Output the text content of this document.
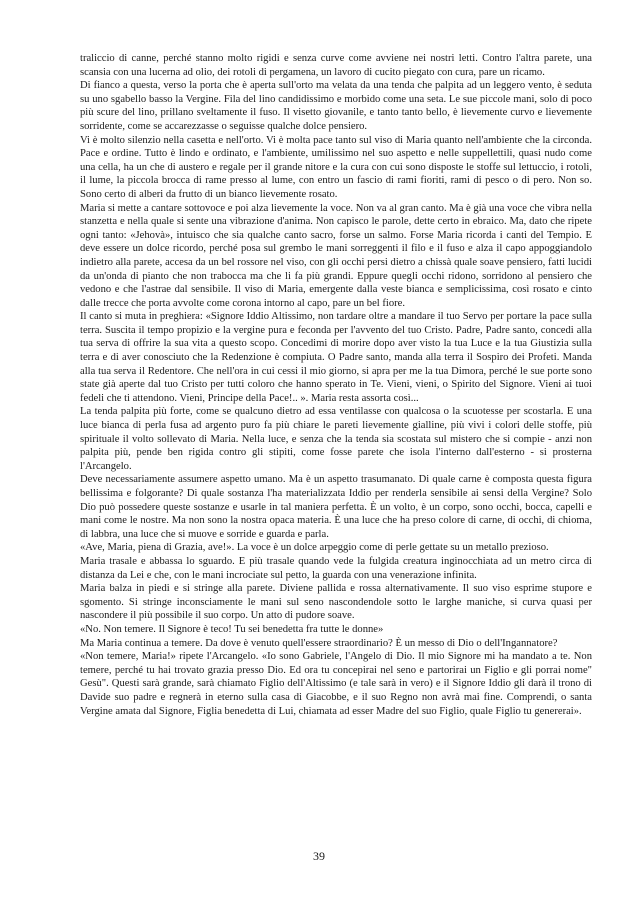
traliccio di canne, perché stanno molto rigidi e senza curve come avviene nei nostri letti. Contro l'altra parete, una scansia con una lucerna ad olio, dei rotoli di pergamena, un lavoro di cucito piegato con cura, pare un ricamo.

Di fianco a questa, verso la porta che è aperta sull'orto ma velata da una tenda che palpita ad un leggero vento, è seduta su uno sgabello basso la Vergine. Fila del lino candidissimo e morbido come una seta. Le sue piccole mani, solo di poco più scure del lino, prillano sveltamente il fuso. Il visetto giovanile, e tanto tanto bello, è lievemente curvo e lievemente sorridente, come se accarezzasse o seguisse qualche dolce pensiero.

Vi è molto silenzio nella casetta e nell'orto. Vi è molta pace tanto sul viso di Maria quanto nell'ambiente che la circonda. Pace e ordine. Tutto è lindo e ordinato, e l'ambiente, umilissimo nel suo aspetto e nelle suppellettili, quasi nudo come una cella, ha un che di austero e regale per il grande nitore e la cura con cui sono disposte le stoffe sul lettuccio, i rotoli, il lume, la piccola brocca di rame presso al lume, con entro un fascio di rami fioriti, rami di pesco o di pero. Non so. Sono certo di alberi da frutto di un bianco lievemente rosato.

Maria si mette a cantare sottovoce e poi alza lievemente la voce. Non va al gran canto. Ma è già una voce che vibra nella stanzetta e nella quale si sente una vibrazione d'anima. Non capisco le parole, dette certo in ebraico. Ma, dato che ripete ogni tanto: «Jehovà», intuisco che sia qualche canto sacro, forse un salmo. Forse Maria ricorda i canti del Tempio. E deve essere un dolce ricordo, perché posa sul grembo le mani sorreggenti il filo e il fuso e alza il capo appoggiandolo indietro alla parete, accesa da un bel rossore nel viso, con gli occhi persi dietro a chissà quale soave pensiero, fatti lucidi da un'onda di pianto che non trabocca ma che li fa più grandi. Eppure quegli occhi ridono, sorridono al pensiero che vedono e che l'astrae dal sensibile. Il viso di Maria, emergente dalla veste bianca e semplicissima, così rosato e cinto dalle trecce che porta avvolte come corona intorno al capo, pare un bel fiore.

Il canto si muta in preghiera: «Signore Iddio Altissimo, non tardare oltre a mandare il tuo Servo per portare la pace sulla terra. Suscita il tempo propizio e la vergine pura e feconda per l'avvento del tuo Cristo. Padre, Padre santo, concedi alla tua serva di offrire la sua vita a questo scopo. Concedimi di morire dopo aver visto la tua Luce e la tua Giustizia sulla terra e di aver conosciuto che la Redenzione è compiuta. O Padre santo, manda alla terra il Sospiro dei Profeti. Manda alla tua serva il Redentore. Che nell'ora in cui cessi il mio giorno, si apra per me la tua Dimora, perché le sue porte sono state già aperte dal tuo Cristo per tutti coloro che hanno sperato in Te. Vieni, vieni, o Spirito del Signore. Vieni ai tuoi fedeli che ti attendono. Vieni, Principe della Pace!.. ». Maria resta assorta così...

La tenda palpita più forte, come se qualcuno dietro ad essa ventilasse con qualcosa o la scuotesse per scostarla. E una luce bianca di perla fusa ad argento puro fa più chiare le pareti lievemente gialline, più vivi i colori delle stoffe, più spirituale il volto sollevato di Maria. Nella luce, e senza che la tenda sia scostata sul mistero che si compie - anzi non palpita più, pende ben rigida contro gli stipiti, come fosse parete che isola l'interno dall'esterno - si prosterna l'Arcangelo.

Deve necessariamente assumere aspetto umano. Ma è un aspetto trasumanato. Di quale carne è composta questa figura bellissima e folgorante? Di quale sostanza l'ha materializzata Iddio per renderla sensibile ai sensi della Vergine? Solo Dio può possedere queste sostanze e usarle in tal maniera perfetta. È un volto, è un corpo, sono occhi, bocca, capelli e mani come le nostre. Ma non sono la nostra opaca materia. È una luce che ha preso colore di carne, di occhi, di chioma, di labbra, una luce che si muove e sorride e guarda e parla.

«Ave, Maria, piena di Grazia, ave!». La voce è un dolce arpeggio come di perle gettate su un metallo prezioso.

Maria trasale e abbassa lo sguardo. E più trasale quando vede la fulgida creatura inginocchiata ad un metro circa di distanza da Lei e che, con le mani incrociate sul petto, la guarda con una venerazione infinita.

Maria balza in piedi e si stringe alla parete. Diviene pallida e rossa alternativamente. Il suo viso esprime stupore e sgomento. Si stringe inconsciamente le mani sul seno nascondendole sotto le larghe maniche, si curva quasi per nascondere il più possibile il suo corpo. Un atto di pudore soave.

«No. Non temere. Il Signore è teco! Tu sei benedetta fra tutte le donne»

Ma Maria continua a temere. Da dove è venuto quell'essere straordinario? È un messo di Dio o dell'Ingannatore?

«Non temere, Maria!» ripete l'Arcangelo. «Io sono Gabriele, l'Angelo di Dio. Il mio Signore mi ha mandato a te. Non temere, perché tu hai trovato grazia presso Dio. Ed ora tu concepirai nel seno e partorirai un Figlio e gli porrai nome" Gesù". Questi sarà grande, sarà chiamato Figlio dell'Altissimo (e tale sarà in vero) e il Signore Iddio gli darà il trono di Davide suo padre e regnerà in eterno sulla casa di Giacobbe, e il suo Regno non avrà mai fine. Comprendi, o santa Vergine amata dal Signore, Figlia benedetta di Lui, chiamata ad esser Madre del suo Figlio, quale Figlio tu genererai».

39
